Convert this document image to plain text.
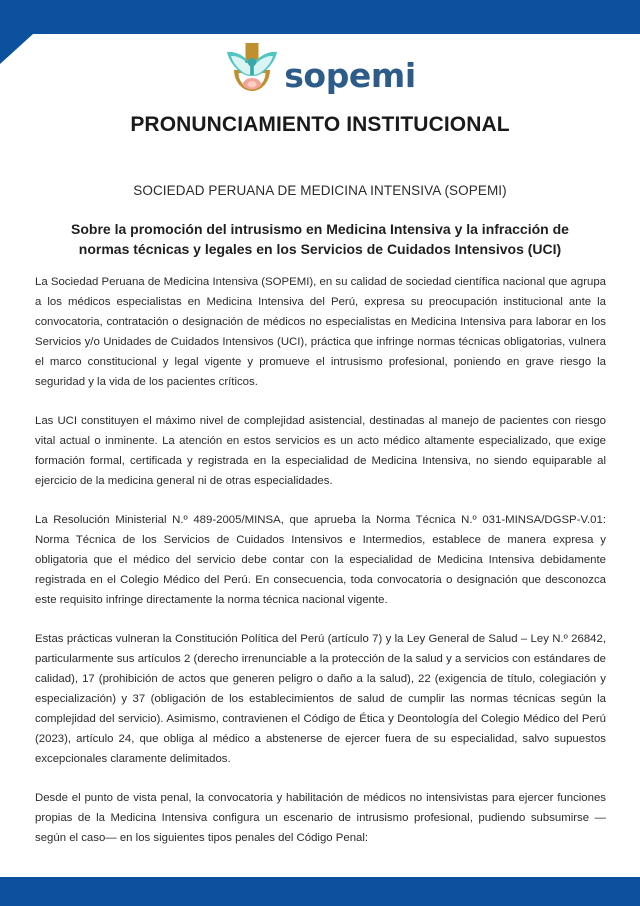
sopemi
PRONUNCIAMIENTO INSTITUCIONAL
SOCIEDAD PERUANA DE MEDICINA INTENSIVA (SOPEMI)
Sobre la promoción del intrusismo en Medicina Intensiva y la infracción de normas técnicas y legales en los Servicios de Cuidados Intensivos (UCI)

La Sociedad Peruana de Medicina Intensiva (SOPEMI), en su calidad de sociedad científica nacional que agrupa a los médicos especialistas en Medicina Intensiva del Perú, expresa su preocupación institucional ante la convocatoria, contratación o designación de médicos no especialistas en Medicina Intensiva para laborar en los Servicios y/o Unidades de Cuidados Intensivos (UCI), práctica que infringe normas técnicas obligatorias, vulnera el marco constitucional y legal vigente y promueve el intrusismo profesional, poniendo en grave riesgo la seguridad y la vida de los pacientes críticos.

Las UCI constituyen el máximo nivel de complejidad asistencial, destinadas al manejo de pacientes con riesgo vital actual o inminente. La atención en estos servicios es un acto médico altamente especializado, que exige formación formal, certificada y registrada en la especialidad de Medicina Intensiva, no siendo equiparable al ejercicio de la medicina general ni de otras especialidades.

La Resolución Ministerial N.º 489-2005/MINSA, que aprueba la Norma Técnica N.º 031-MINSA/DGSP-V.01: Norma Técnica de los Servicios de Cuidados Intensivos e Intermedios, establece de manera expresa y obligatoria que el médico del servicio debe contar con la especialidad de Medicina Intensiva debidamente registrada en el Colegio Médico del Perú. En consecuencia, toda convocatoria o designación que desconozca este requisito infringe directamente la norma técnica nacional vigente.

Estas prácticas vulneran la Constitución Política del Perú (artículo 7) y la Ley General de Salud – Ley N.º 26842, particularmente sus artículos 2 (derecho irrenunciable a la protección de la salud y a servicios con estándares de calidad), 17 (prohibición de actos que generen peligro o daño a la salud), 22 (exigencia de título, colegiación y especialización) y 37 (obligación de los establecimientos de salud de cumplir las normas técnicas según la complejidad del servicio). Asimismo, contravienen el Código de Ética y Deontología del Colegio Médico del Perú (2023), artículo 24, que obliga al médico a abstenerse de ejercer fuera de su especialidad, salvo supuestos excepcionales claramente delimitados.

Desde el punto de vista penal, la convocatoria y habilitación de médicos no intensivistas para ejercer funciones propias de la Medicina Intensiva configura un escenario de intrusismo profesional, pudiendo subsumirse —según el caso— en los siguientes tipos penales del Código Penal:
